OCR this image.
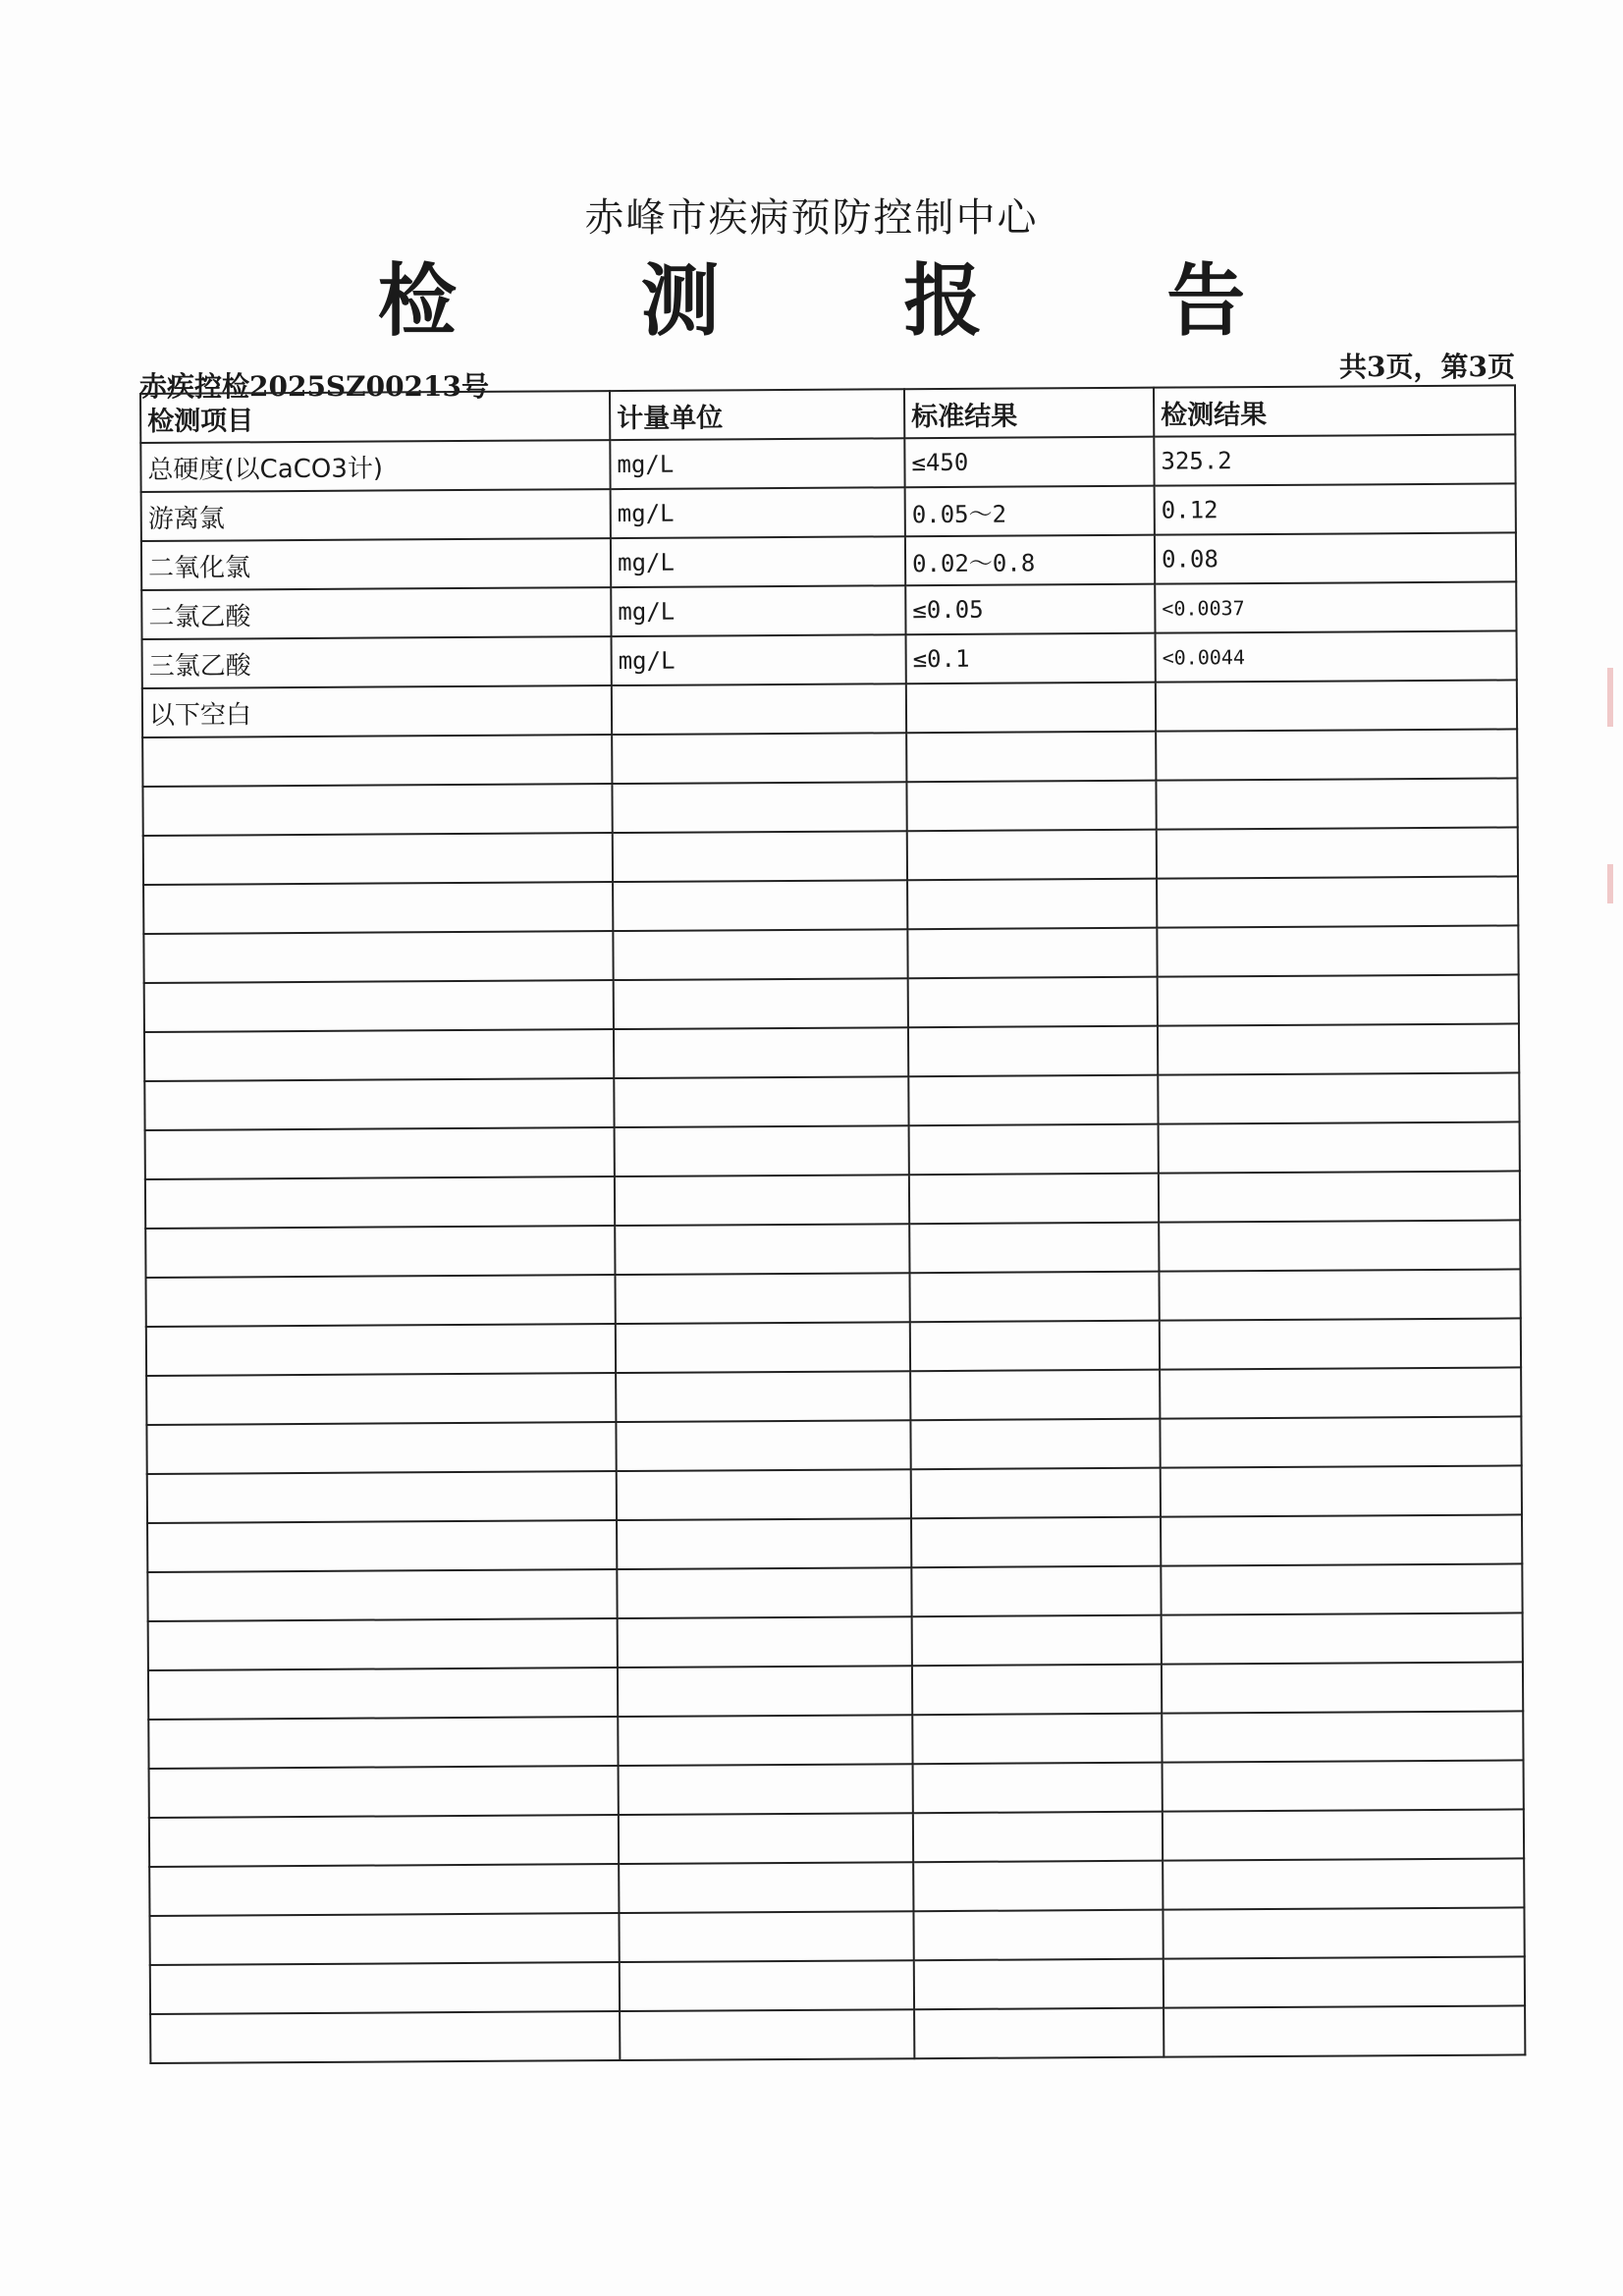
赤峰市疾病预防控制中心
检 测 报 告
共3页，第3页
赤疾控检2025SZ00213号
检测项目	计量单位	标准结果	检测结果
总硬度(以CaCO3计)	mg/L	≤450	325.2
游离氯	mg/L	0.05～2	0.12
二氧化氯	mg/L	0.02～0.8	0.08
二氯乙酸	mg/L	≤0.05	<0.0037
三氯乙酸	mg/L	≤0.1	<0.0044
以下空白			
